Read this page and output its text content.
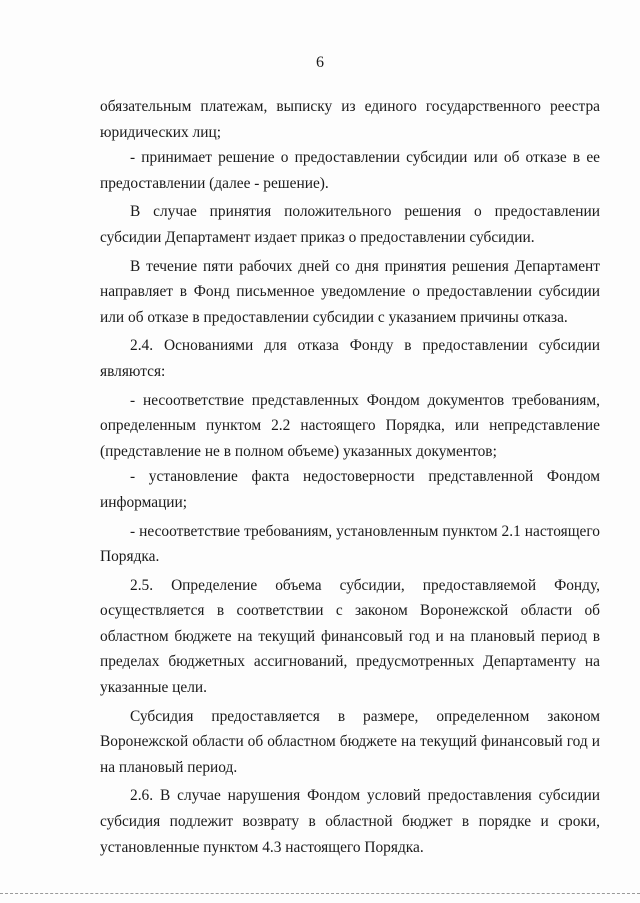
6

обязательным платежам, выписку из единого государственного реестра юридических лиц;

- принимает решение о предоставлении субсидии или об отказе в ее предоставлении (далее - решение).

В случае принятия положительного решения о предоставлении субсидии Департамент издает приказ о предоставлении субсидии.

В течение пяти рабочих дней со дня принятия решения Департамент направляет в Фонд письменное уведомление о предоставлении субсидии или об отказе в предоставлении субсидии с указанием причины отказа.

2.4. Основаниями для отказа Фонду в предоставлении субсидии являются:

- несоответствие представленных Фондом документов требованиям, определенным пунктом 2.2 настоящего Порядка, или непредставление (представление не в полном объеме) указанных документов;

- установление факта недостоверности представленной Фондом информации;

- несоответствие требованиям, установленным пунктом 2.1 настоящего Порядка.

2.5. Определение объема субсидии, предоставляемой Фонду, осуществляется в соответствии с законом Воронежской области об областном бюджете на текущий финансовый год и на плановый период в пределах бюджетных ассигнований, предусмотренных Департаменту на указанные цели.

Субсидия предоставляется в размере, определенном законом Воронежской области об областном бюджете на текущий финансовый год и на плановый период.

2.6. В случае нарушения Фондом условий предоставления субсидии субсидия подлежит возврату в областной бюджет в порядке и сроки, установленные пунктом 4.3 настоящего Порядка.
